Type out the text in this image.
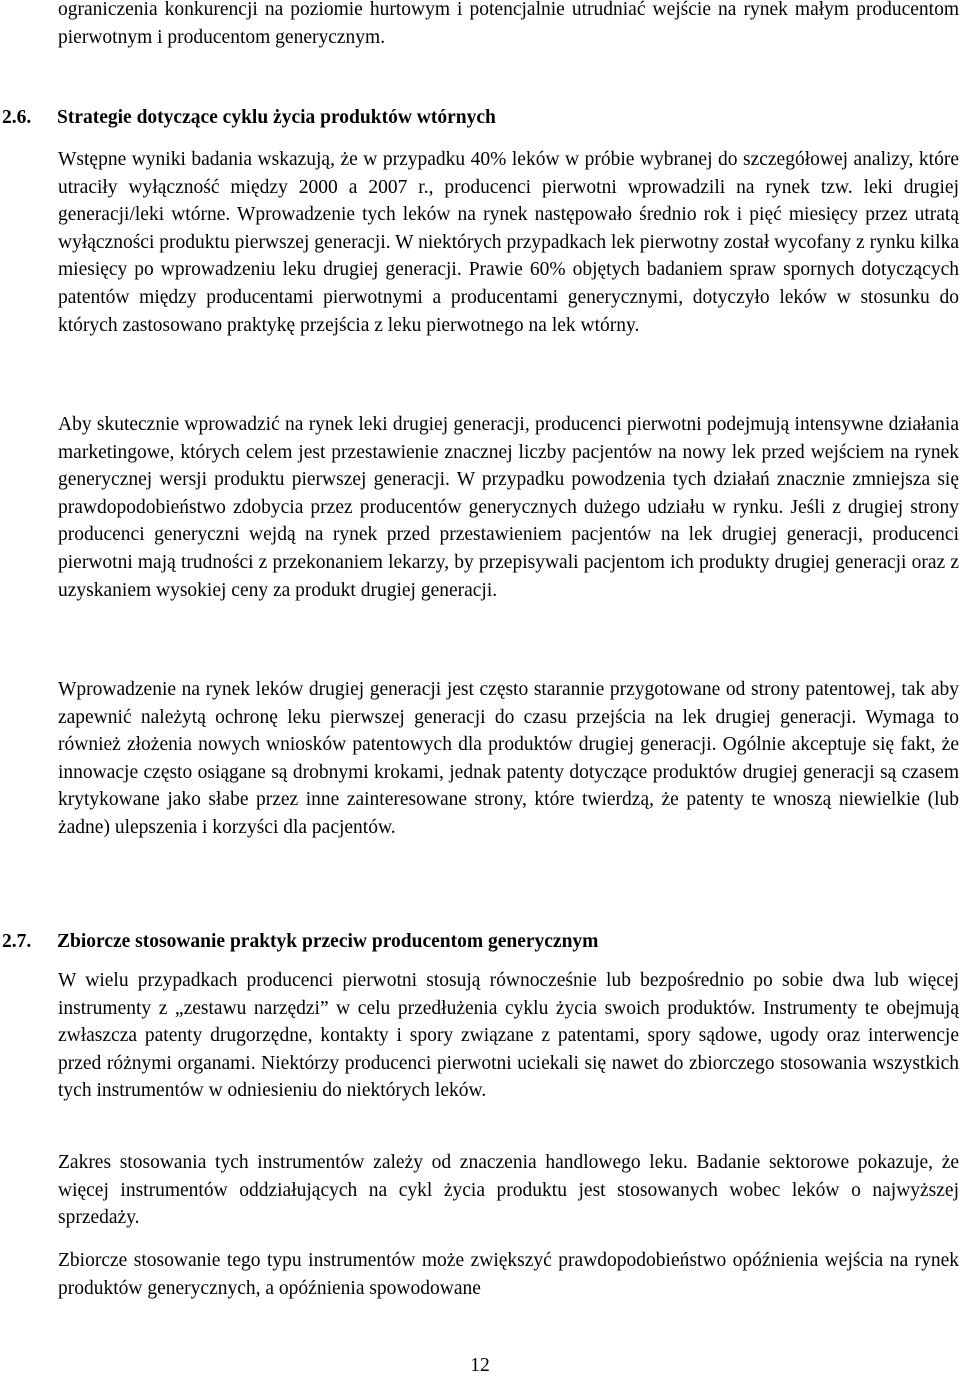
ograniczenia konkurencji na poziomie hurtowym i potencjalnie utrudniać wejście na rynek małym producentom pierwotnym i producentom generycznym.

2.6. Strategie dotyczące cyklu życia produktów wtórnych

Wstępne wyniki badania wskazują, że w przypadku 40% leków w próbie wybranej do szczegółowej analizy, które utraciły wyłączność między 2000 a 2007 r., producenci pierwotni wprowadzili na rynek tzw. leki drugiej generacji/leki wtórne. Wprowadzenie tych leków na rynek następowało średnio rok i pięć miesięcy przez utratą wyłączności produktu pierwszej generacji. W niektórych przypadkach lek pierwotny został wycofany z rynku kilka miesięcy po wprowadzeniu leku drugiej generacji. Prawie 60% objętych badaniem spraw spornych dotyczących patentów między producentami pierwotnymi a producentami generycznymi, dotyczyło leków w stosunku do których zastosowano praktykę przejścia z leku pierwotnego na lek wtórny.

Aby skutecznie wprowadzić na rynek leki drugiej generacji, producenci pierwotni podejmują intensywne działania marketingowe, których celem jest przestawienie znacznej liczby pacjentów na nowy lek przed wejściem na rynek generycznej wersji produktu pierwszej generacji. W przypadku powodzenia tych działań znacznie zmniejsza się prawdopodobieństwo zdobycia przez producentów generycznych dużego udziału w rynku. Jeśli z drugiej strony producenci generyczni wejdą na rynek przed przestawieniem pacjentów na lek drugiej generacji, producenci pierwotni mają trudności z przekonaniem lekarzy, by przepisywali pacjentom ich produkty drugiej generacji oraz z uzyskaniem wysokiej ceny za produkt drugiej generacji.

Wprowadzenie na rynek leków drugiej generacji jest często starannie przygotowane od strony patentowej, tak aby zapewnić należytą ochronę leku pierwszej generacji do czasu przejścia na lek drugiej generacji. Wymaga to również złożenia nowych wniosków patentowych dla produktów drugiej generacji. Ogólnie akceptuje się fakt, że innowacje często osiągane są drobnymi krokami, jednak patenty dotyczące produktów drugiej generacji są czasem krytykowane jako słabe przez inne zainteresowane strony, które twierdzą, że patenty te wnoszą niewielkie (lub żadne) ulepszenia i korzyści dla pacjentów.

2.7. Zbiorcze stosowanie praktyk przeciw producentom generycznym

W wielu przypadkach producenci pierwotni stosują równocześnie lub bezpośrednio po sobie dwa lub więcej instrumenty z „zestawu narzędzi” w celu przedłużenia cyklu życia swoich produktów. Instrumenty te obejmują zwłaszcza patenty drugorzędne, kontakty i spory związane z patentami, spory sądowe, ugody oraz interwencje przed różnymi organami. Niektórzy producenci pierwotni uciekali się nawet do zbiorczego stosowania wszystkich tych instrumentów w odniesieniu do niektórych leków.

Zakres stosowania tych instrumentów zależy od znaczenia handlowego leku. Badanie sektorowe pokazuje, że więcej instrumentów oddziałujących na cykl życia produktu jest stosowanych wobec leków o najwyższej sprzedaży.

Zbiorcze stosowanie tego typu instrumentów może zwiększyć prawdopodobieństwo opóźnienia wejścia na rynek produktów generycznych, a opóźnienia spowodowane

12
